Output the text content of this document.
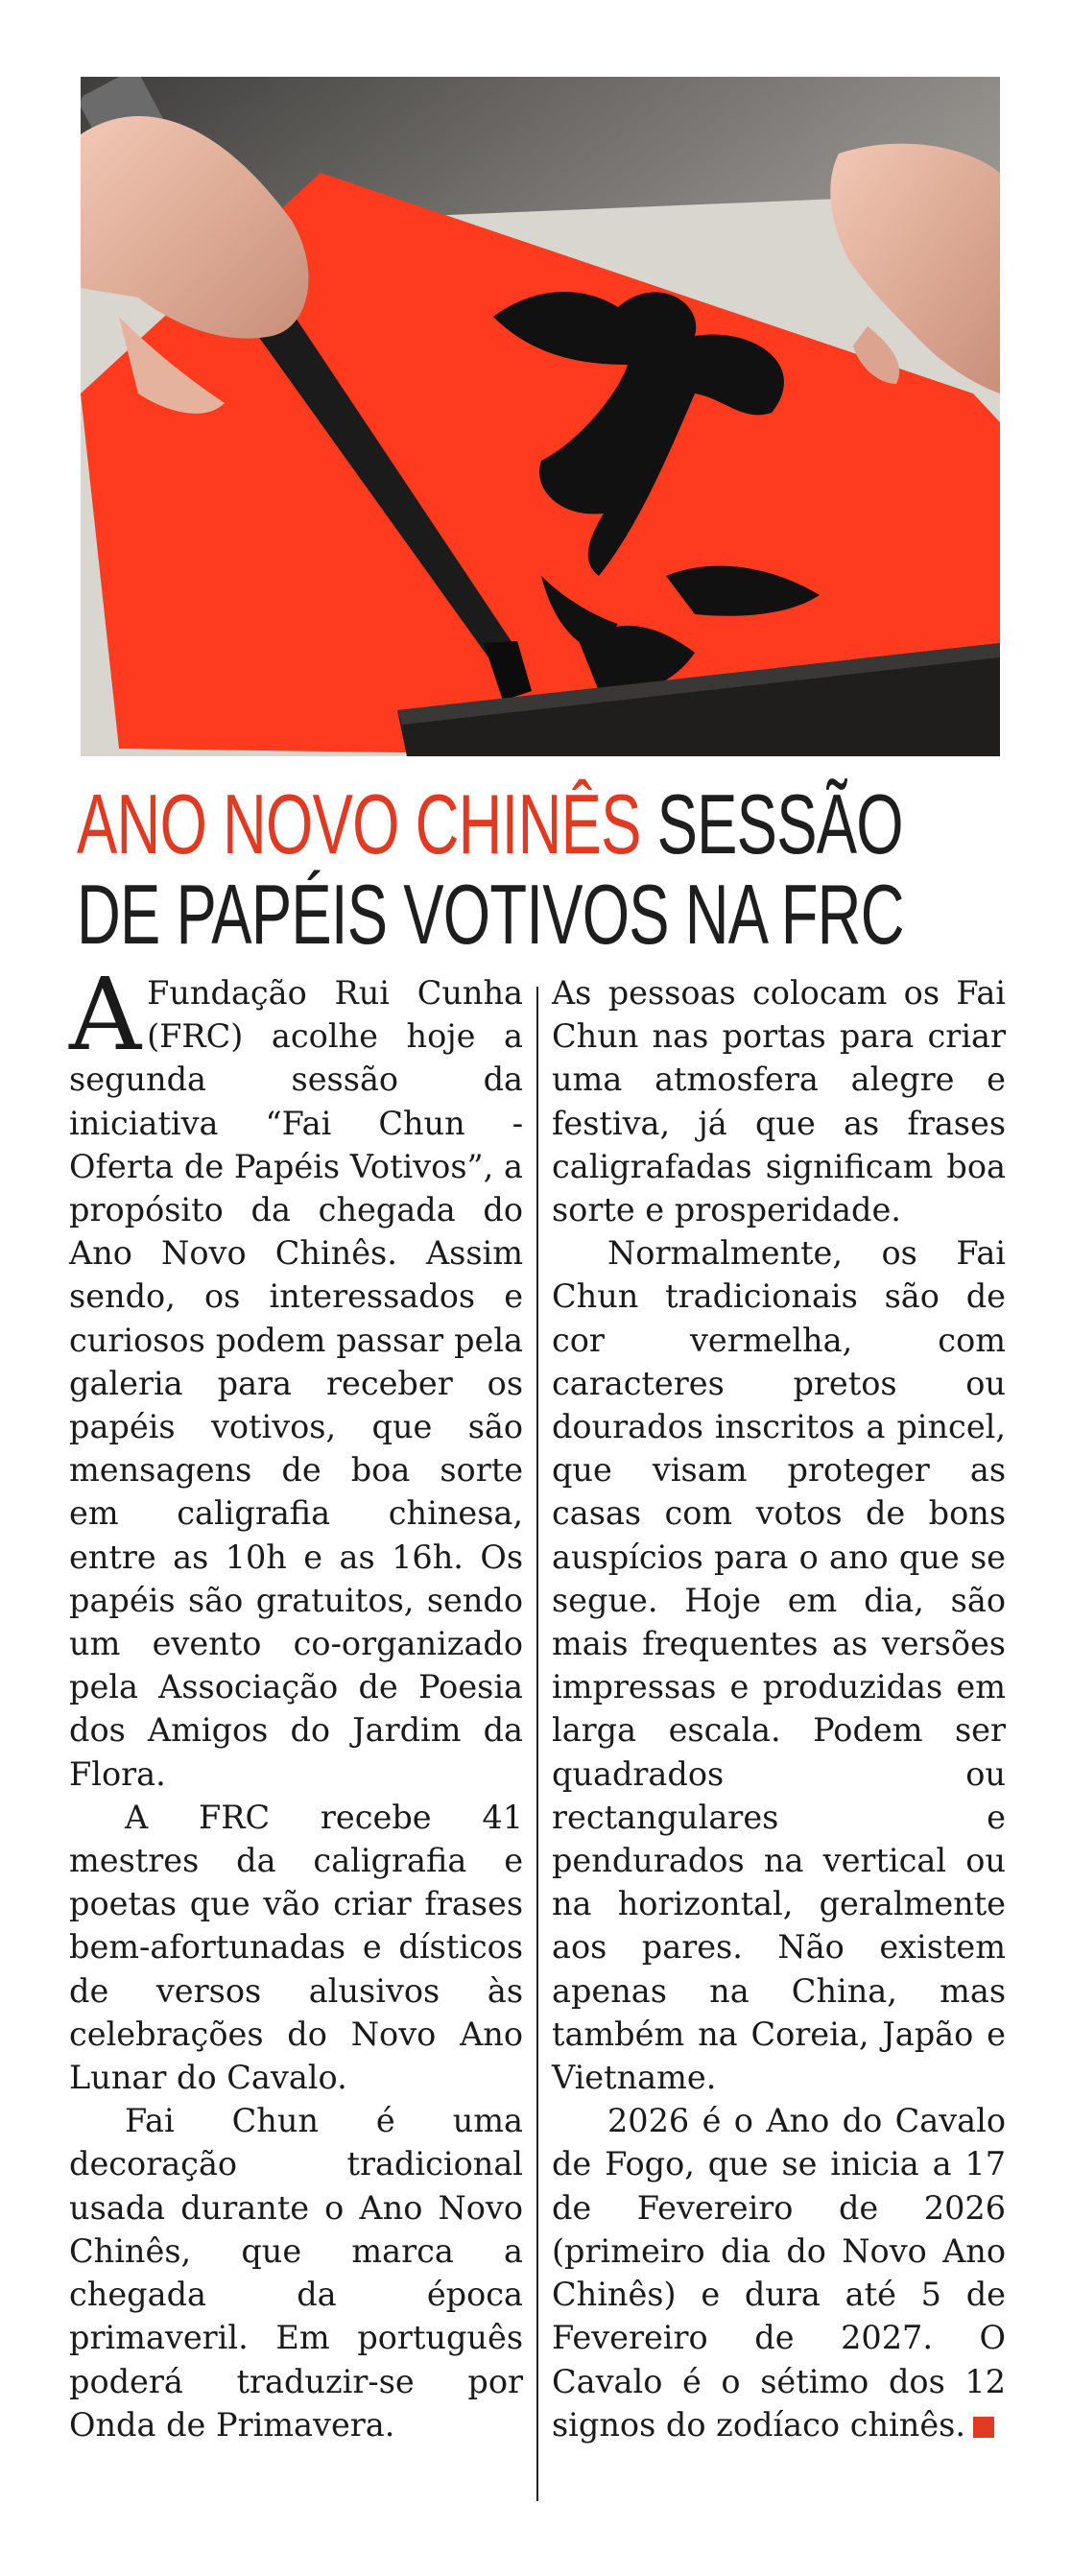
ANO NOVO CHINÊS SESSÃO DE PAPÉIS VOTIVOS NA FRC

A Fundação Rui Cunha (FRC) acolhe hoje a segunda sessão da iniciativa “Fai Chun - Oferta de Papéis Votivos”, a propósito da chegada do Ano Novo Chinês. Assim sendo, os interessados e curiosos podem passar pela galeria para receber os papéis votivos, que são mensagens de boa sorte em caligrafia chinesa, entre as 10h e as 16h. Os papéis são gratuitos, sendo um evento co-organizado pela Associação de Poesia dos Amigos do Jardim da Flora.

A FRC recebe 41 mestres da caligrafia e poetas que vão criar frases bem-afortunadas e dísticos de versos alusivos às celebrações do Novo Ano Lunar do Cavalo.

Fai Chun é uma decoração tradicional usada durante o Ano Novo Chinês, que marca a chegada da época primaveril. Em português poderá traduzir-se por Onda de Primavera.

As pessoas colocam os Fai Chun nas portas para criar uma atmosfera alegre e festiva, já que as frases caligrafadas significam boa sorte e prosperidade.

Normalmente, os Fai Chun tradicionais são de cor vermelha, com caracteres pretos ou dourados inscritos a pincel, que visam proteger as casas com votos de bons auspícios para o ano que se segue. Hoje em dia, são mais frequentes as versões impressas e produzidas em larga escala. Podem ser quadrados ou rectangulares e pendurados na vertical ou na horizontal, geralmente aos pares. Não existem apenas na China, mas também na Coreia, Japão e Vietname.

2026 é o Ano do Cavalo de Fogo, que se inicia a 17 de Fevereiro de 2026 (primeiro dia do Novo Ano Chinês) e dura até 5 de Fevereiro de 2027. O Cavalo é o sétimo dos 12 signos do zodíaco chinês.
